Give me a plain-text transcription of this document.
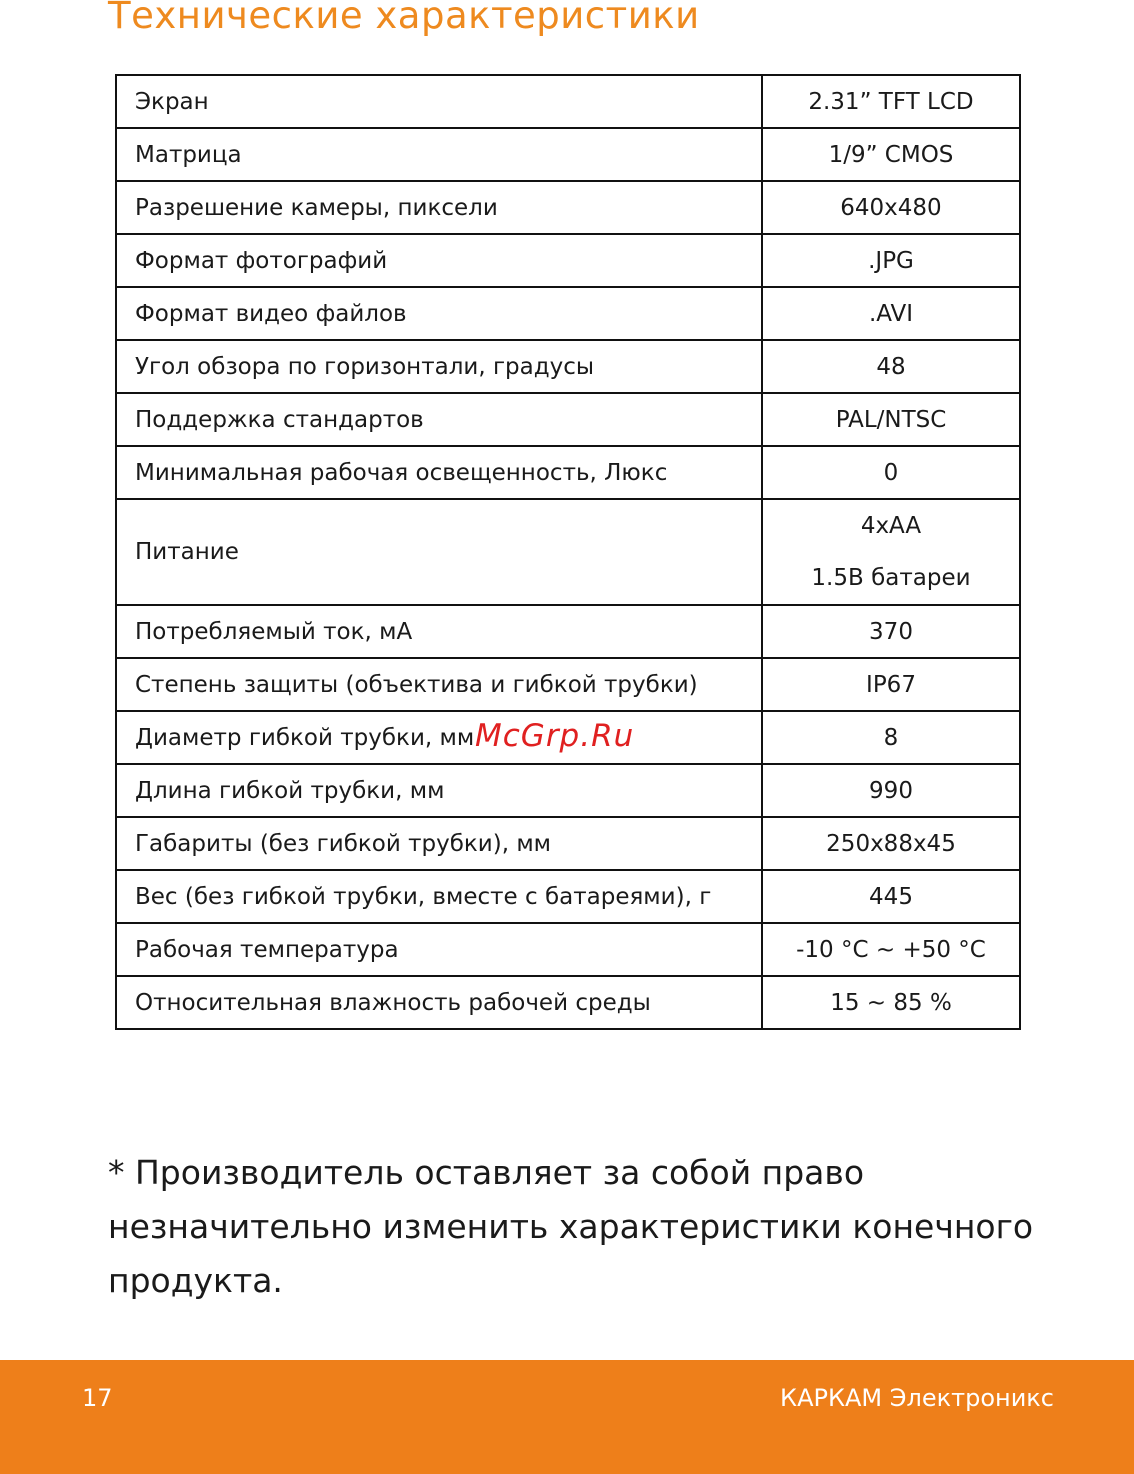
Технические характеристики
Экран	2.31” TFT LCD

Матрица	1/9” CMOS

Разрешение камеры, пиксели	640x480

Формат фотографий	.JPG

Формат видео файлов	.AVI

Угол обзора по горизонтали, градусы	48

Поддержка стандартов	PAL/NTSC

Минимальная рабочая освещенность, Люкс	0

Питание	4xAA
1.5В батареи

Потребляемый ток, мА	370

Степень защиты (объектива и гибкой трубки)	IP67

Диаметр гибкой трубки, мм	8

Длина гибкой трубки, мм	990

Габариты (без гибкой трубки), мм	250x88x45

Вес (без гибкой трубки, вместе с батареями), г	445

Рабочая температура	-10 °C ~ +50 °C

Относительная влажность рабочей среды	15 ~ 85 %
McGrp.Ru

* Производитель оставляет за собой право незначительно изменить характеристики конечного продукта.

17	КАРКАМ Электроникс
